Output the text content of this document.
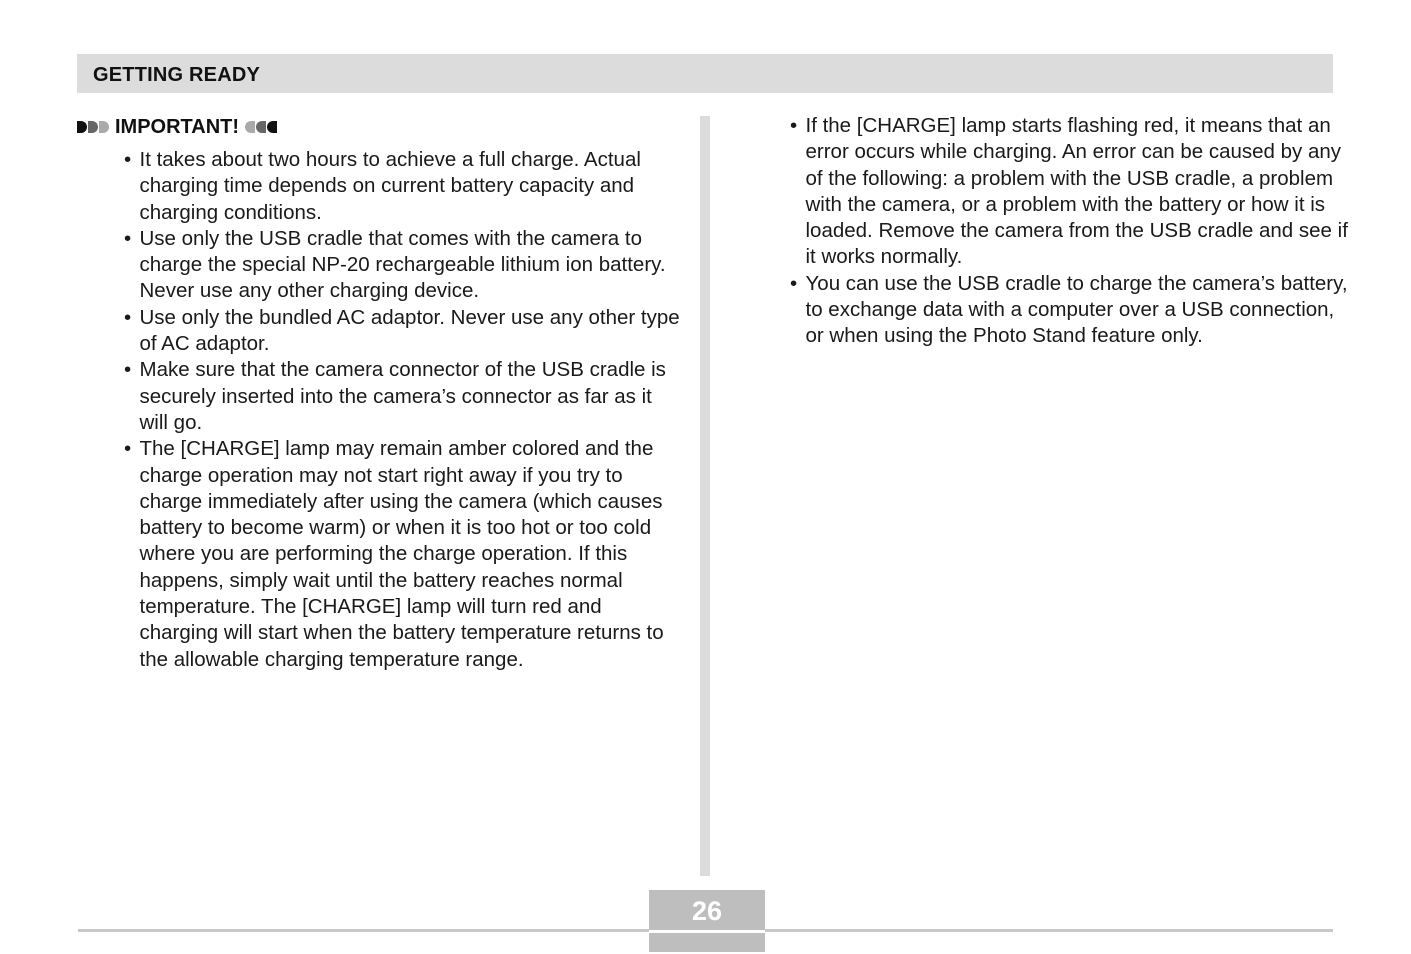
GETTING READY
IMPORTANT!
• It takes about two hours to achieve a full charge. Actual charging time depends on current battery capacity and charging conditions.
• Use only the USB cradle that comes with the camera to charge the special NP-20 rechargeable lithium ion battery. Never use any other charging device.
• Use only the bundled AC adaptor. Never use any other type of AC adaptor.
• Make sure that the camera connector of the USB cradle is securely inserted into the camera’s connector as far as it will go.
• The [CHARGE] lamp may remain amber colored and the charge operation may not start right away if you try to charge immediately after using the camera (which causes battery to become warm) or when it is too hot or too cold where you are performing the charge operation. If this happens, simply wait until the battery reaches normal temperature. The [CHARGE] lamp will turn red and charging will start when the battery temperature returns to the allowable charging temperature range.
• If the [CHARGE] lamp starts flashing red, it means that an error occurs while charging. An error can be caused by any of the following: a problem with the USB cradle, a problem with the camera, or a problem with the battery or how it is loaded. Remove the camera from the USB cradle and see if it works normally.
• You can use the USB cradle to charge the camera’s battery, to exchange data with a computer over a USB connection, or when using the Photo Stand feature only.
26
